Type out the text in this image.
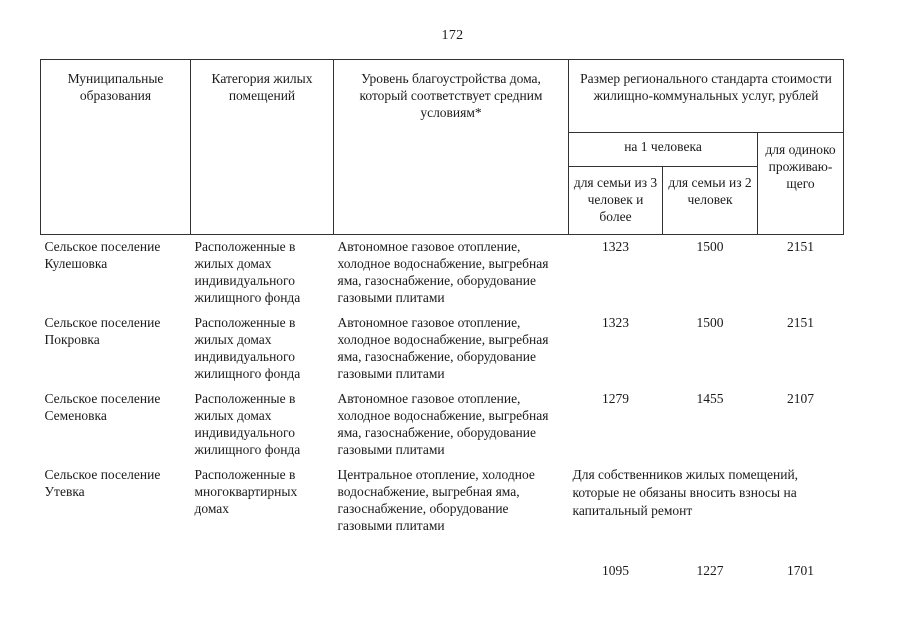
172
Муниципальные образования	Категория жилых помещений	Уровень благоустройства дома, который соответствует средним условиям*	Размер регионального стандарта стоимости жилищно-коммунальных услуг, рублей		
			на 1 человека		для одиноко проживаю-щего
			для семьи из 3 человек и более	для семьи из 2 человек	

Сельское поселение Кулешовка	Расположенные в жилых домах индивидуального жилищного фонда	Автономное газовое отопление, холодное водоснабжение, выгребная яма, газоснабжение, оборудование газовыми плитами	1323	1500	2151
Сельское поселение Покровка	Расположенные в жилых домах индивидуального жилищного фонда	Автономное газовое отопление, холодное водоснабжение, выгребная яма, газоснабжение, оборудование газовыми плитами	1323	1500	2151
Сельское поселение Семеновка	Расположенные в жилых домах индивидуального жилищного фонда	Автономное газовое отопление, холодное водоснабжение, выгребная яма, газоснабжение, оборудование газовыми плитами	1279	1455	2107
Сельское поселение Утевка	Расположенные в многоквартирных домах	Центральное отопление, холодное водоснабжение, выгребная яма, газоснабжение, оборудование газовыми плитами	Для собственников жилых помещений, которые не обязаны вносить взносы на капитальный ремонт		
			1095	1227	1701
